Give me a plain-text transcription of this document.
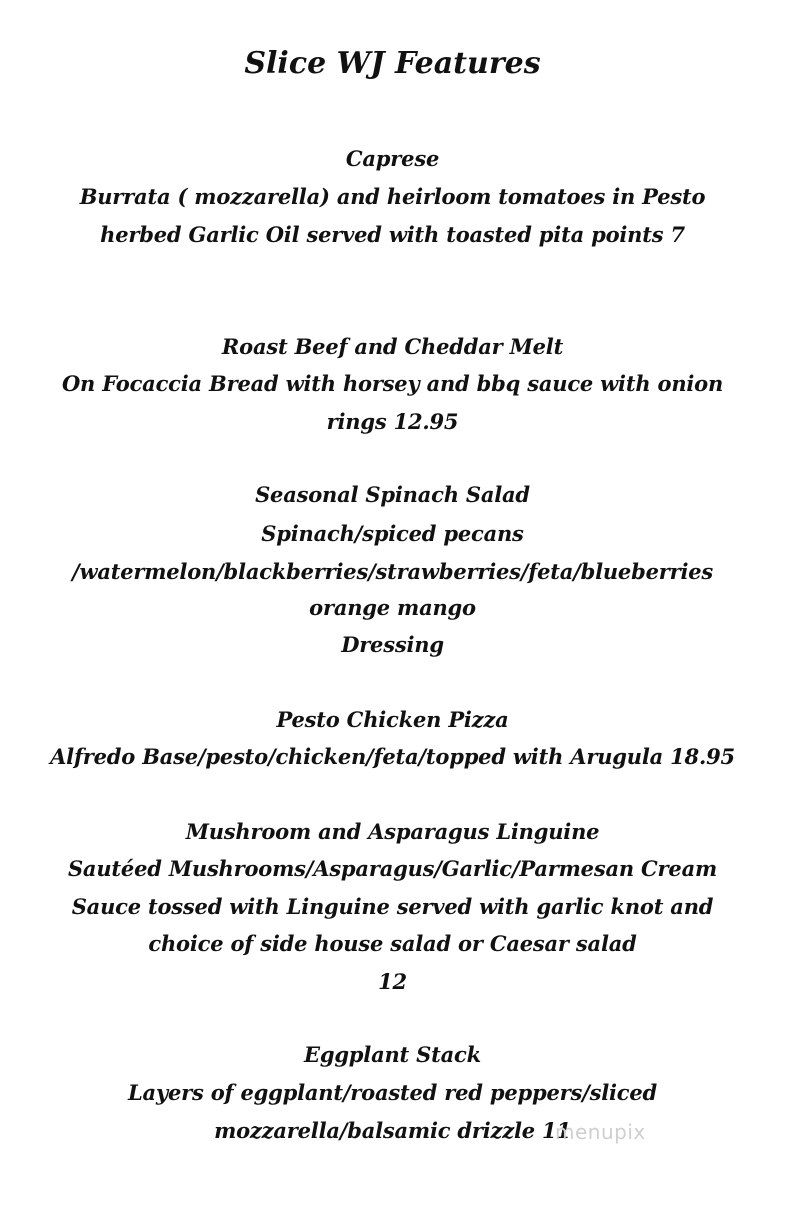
Slice WJ Features
Caprese
Burrata ( mozzarella) and heirloom tomatoes in Pesto
herbed Garlic Oil served with toasted pita points 7
Roast Beef and Cheddar Melt
On Focaccia Bread with horsey and bbq sauce with onion
rings 12.95
Seasonal Spinach Salad
Spinach/spiced pecans
/watermelon/blackberries/strawberries/feta/blueberries
orange mango
Dressing
Pesto Chicken Pizza
Alfredo Base/pesto/chicken/feta/topped with Arugula 18.95
Mushroom and Asparagus Linguine
Sautéed Mushrooms/Asparagus/Garlic/Parmesan Cream
Sauce tossed with Linguine served with garlic knot and
choice of side house salad or Caesar salad
12
Eggplant Stack
Layers of eggplant/roasted red peppers/sliced
mozzarella/balsamic drizzle 11
menupix
